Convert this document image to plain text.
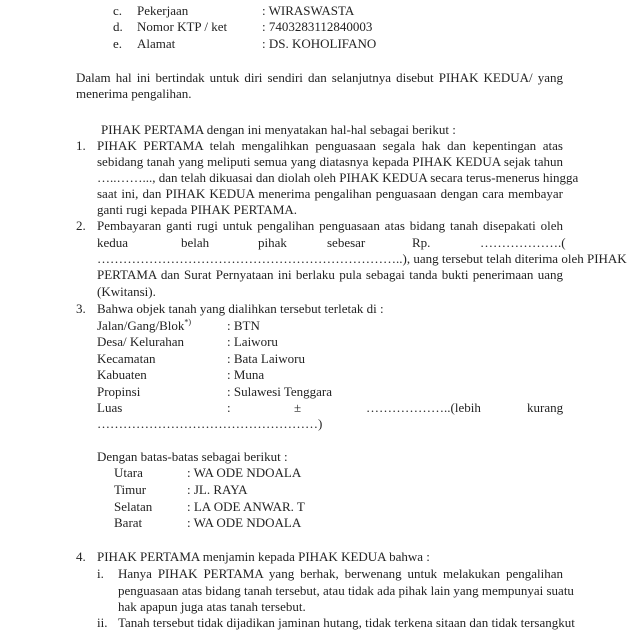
c. Pekerjaan	: WIRASWASTA
d. Nomor KTP / ket	: 7403283112840003
e. Alamat	: DS. KOHOLIFANO
Dalam hal ini bertindak untuk diri sendiri dan selanjutnya disebut PIHAK KEDUA/ yang
menerima pengalihan.
PIHAK PERTAMA dengan ini menyatakan hal-hal sebagai berikut :
1. PIHAK PERTAMA telah mengalihkan penguasaan segala hak dan kepentingan atas
sebidang tanah yang meliputi semua yang diatasnya kepada PIHAK KEDUA sejak tahun
…..……..., dan telah dikuasai dan diolah oleh PIHAK KEDUA secara terus-menerus hingga
saat ini, dan PIHAK KEDUA menerima pengalihan penguasaan dengan cara membayar
ganti rugi kepada PIHAK PERTAMA.
2. Pembayaran ganti rugi untuk pengalihan penguasaan atas bidang tanah disepakati oleh
kedua	belah	pihak	sebesar	Rp.	……………….(
……………………………………………………………..), uang tersebut telah diterima oleh PIHAK
PERTAMA dan Surat Pernyataan ini berlaku pula sebagai tanda bukti penerimaan uang
(Kwitansi).
3. Bahwa objek tanah yang dialihkan tersebut terletak di :
Jalan/Gang/Blok*)	: BTN
Desa/ Kelurahan	: Laiworu
Kecamatan	: Bata Laiworu
Kabuaten	: Muna
Propinsi	: Sulawesi Tenggara
Luas	:	±	………………..(lebih	kurang
……………………………………………)
Dengan batas-batas sebagai berikut :
Utara	: WA ODE NDOALA
Timur	: JL. RAYA
Selatan	: LA ODE ANWAR. T
Barat	: WA ODE NDOALA
4. PIHAK PERTAMA menjamin kepada PIHAK KEDUA bahwa :
i. Hanya PIHAK PERTAMA yang berhak, berwenang untuk melakukan pengalihan
penguasaan atas bidang tanah tersebut, atau tidak ada pihak lain yang mempunyai suatu
hak apapun juga atas tanah tersebut.
ii. Tanah tersebut tidak dijadikan jaminan hutang, tidak terkena sitaan dan tidak tersangkut
